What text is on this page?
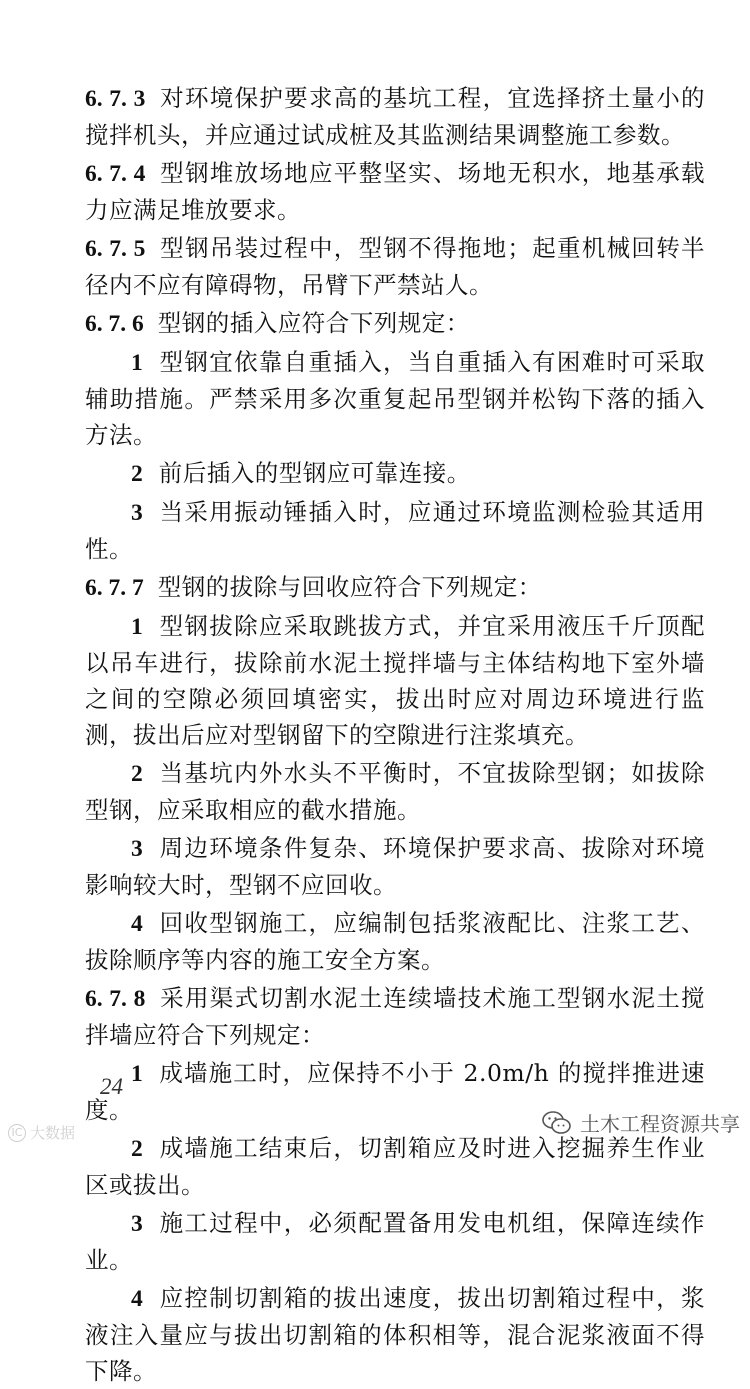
6. 7. 3 对环境保护要求高的基坑工程，宜选择挤土量小的搅拌机头，并应通过试成桩及其监测结果调整施工参数。

6. 7. 4 型钢堆放场地应平整坚实、场地无积水，地基承载力应满足堆放要求。

6. 7. 5 型钢吊装过程中，型钢不得拖地；起重机械回转半径内不应有障碍物，吊臂下严禁站人。

6. 7. 6 型钢的插入应符合下列规定：

1 型钢宜依靠自重插入，当自重插入有困难时可采取辅助措施。严禁采用多次重复起吊型钢并松钩下落的插入方法。

2 前后插入的型钢应可靠连接。

3 当采用振动锤插入时，应通过环境监测检验其适用性。

6. 7. 7 型钢的拔除与回收应符合下列规定：

1 型钢拔除应采取跳拔方式，并宜采用液压千斤顶配以吊车进行，拔除前水泥土搅拌墙与主体结构地下室外墙之间的空隙必须回填密实，拔出时应对周边环境进行监测，拔出后应对型钢留下的空隙进行注浆填充。

2 当基坑内外水头不平衡时，不宜拔除型钢；如拔除型钢，应采取相应的截水措施。

3 周边环境条件复杂、环境保护要求高、拔除对环境影响较大时，型钢不应回收。

4 回收型钢施工，应编制包括浆液配比、注浆工艺、拔除顺序等内容的施工安全方案。

6. 7. 8 采用渠式切割水泥土连续墙技术施工型钢水泥土搅拌墙应符合下列规定：

1 成墙施工时，应保持不小于 2.0m/h 的搅拌推进速度。

2 成墙施工结束后，切割箱应及时进入挖掘养生作业区或拔出。

3 施工过程中，必须配置备用发电机组，保障连续作业。

4 应控制切割箱的拔出速度，拔出切割箱过程中，浆液注入量应与拔出切割箱的体积相等，混合泥浆液面不得下降。

24
IC 大数据	土木工程资源共享
